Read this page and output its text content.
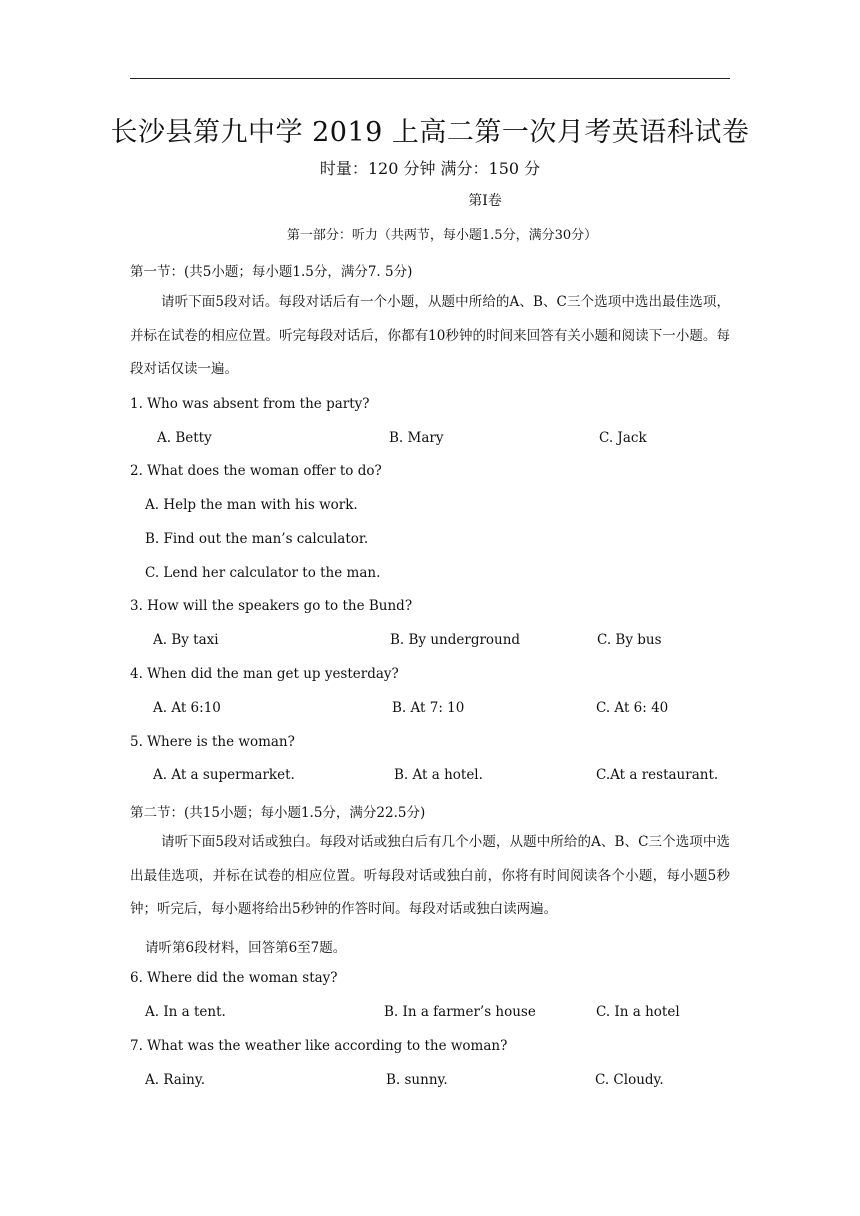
长沙县第九中学 2019 上高二第一次月考英语科试卷
时量：120 分钟 满分：150 分
第I卷
第一部分：听力（共两节，每小题1.5分，满分30分）
第一节：(共5小题；每小题1.5分，满分7. 5分)
请听下面5段对话。每段对话后有一个小题，从题中所给的A、B、C三个选项中选出最佳选项，并标在试卷的相应位置。听完每段对话后，你都有10秒钟的时间来回答有关小题和阅读下一小题。每段对话仅读一遍。
1. Who was absent from the party?
A. Betty	B. Mary	C. Jack
2. What does the woman offer to do?
A. Help the man with his work.
B. Find out the man’s calculator.
C. Lend her calculator to the man.
3. How will the speakers go to the Bund?
A. By taxi	B. By underground	C. By bus
4. When did the man get up yesterday?
A. At 6:10	B. At 7: 10	C. At 6: 40
5. Where is the woman?
A. At a supermarket.	B. At a hotel.	C.At a restaurant.
第二节：(共15小题；每小题1.5分，满分22.5分)
请听下面5段对话或独白。每段对话或独白后有几个小题，从题中所给的A、B、C三个选项中选出最佳选项，并标在试卷的相应位置。听每段对话或独白前，你将有时间阅读各个小题，每小题5秒钟；听完后，每小题将给出5秒钟的作答时间。每段对话或独白读两遍。
请听第6段材料，回答第6至7题。
6. Where did the woman stay?
A. In a tent.	B. In a farmer’s house	C. In a hotel
7. What was the weather like according to the woman?
A. Rainy.	B. sunny.	C. Cloudy.
